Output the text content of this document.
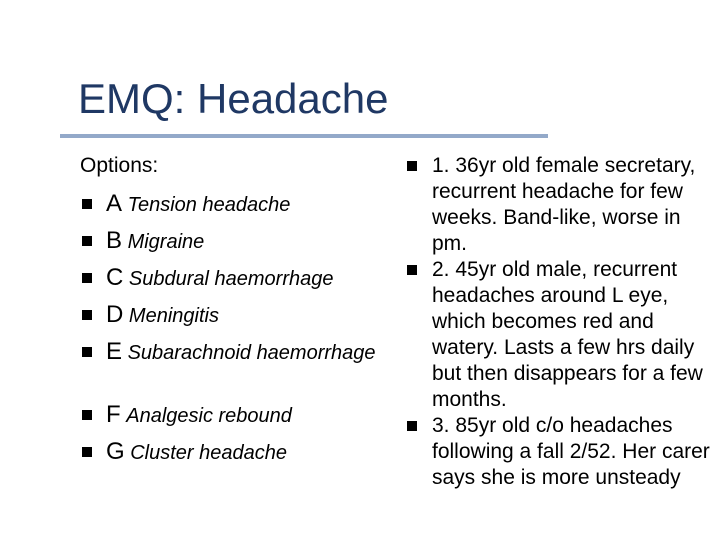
EMQ: Headache
Options:
A Tension headache
B Migraine
C Subdural haemorrhage
D Meningitis
E Subarachnoid haemorrhage
F Analgesic rebound
G Cluster headache
1. 36yr old female secretary, recurrent headache for few weeks. Band-like, worse in pm.
2. 45yr old male, recurrent headaches around L eye, which becomes red and watery. Lasts a few hrs daily but then disappears for a few months.
3. 85yr old c/o headaches following a fall 2/52. Her carer says she is more unsteady
